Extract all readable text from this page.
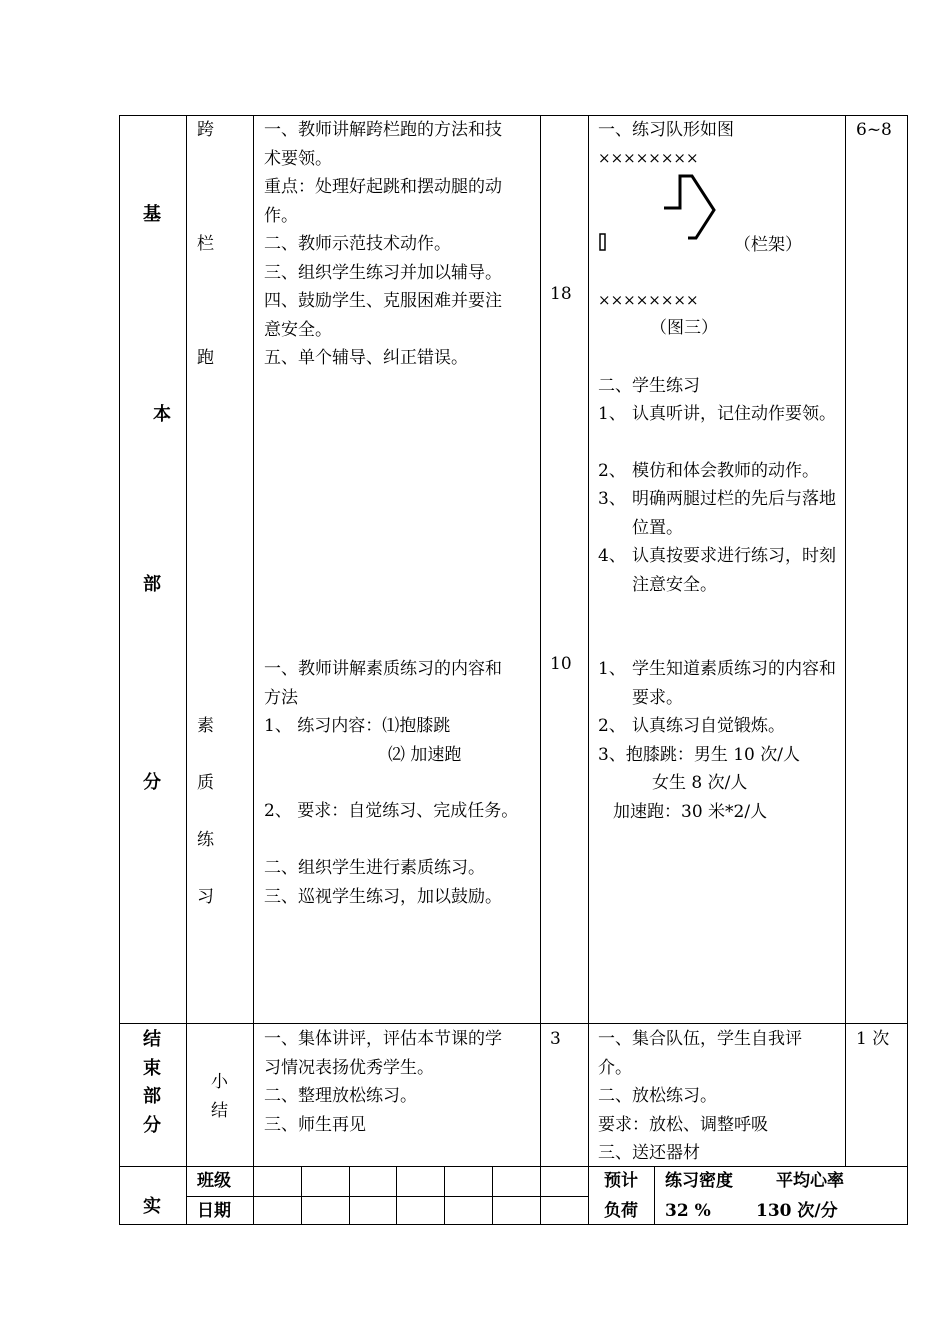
基
本
部
分
跨
栏
跑
一、教师讲解跨栏跑的方法和技
术要领。
重点：处理好起跳和摆动腿的动
作。
二、教师示范技术动作。
三、组织学生练习并加以辅导。
四、鼓励学生、克服困难并要注
意安全。
五、单个辅导、纠正错误。
18
一、练习队形如图
××××××××
（栏架）
××××××××
（图三）
二、学生练习
1、 认真听讲，记住动作要领。
2、 模仿和体会教师的动作。
3、 明确两腿过栏的先后与落地位置。
4、 认真按要求进行练习，时刻注意安全。
6~8
素
质
练
习
一、教师讲解素质练习的内容和
方法
1、 练习内容：⑴抱膝跳
⑵ 加速跑
2、 要求：自觉练习、完成任务。
二、组织学生进行素质练习。
三、巡视学生练习，加以鼓励。
10 1、 学生知道素质练习的内容和要求。
2、 认真练习自觉锻炼。
3、抱膝跳：男生 10 次/人
女生 8 次/人
加速跑：30 米*2/人
结
束
部
分
小
结
一、集体讲评，评估本节课的学
习情况表扬优秀学生。
二、整理放松练习。
三、师生再见
3 一、集合队伍，学生自我评
介。
二、放松练习。
要求：放松、调整呼吸
三、送还器材
1 次
实
班级
日期
预计
负荷
练习密度	平均心率
32 %	130 次/分
